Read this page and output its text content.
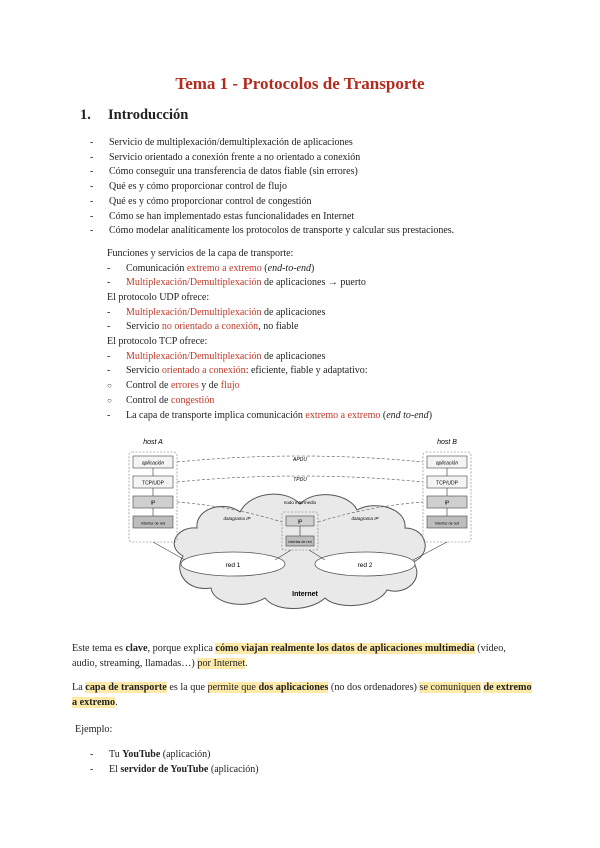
Tema 1 - Protocolos de Transporte
1. Introducción
- Servicio de multiplexación/demultiplexación de aplicaciones
- Servicio orientado a conexión frente a no orientado a conexión
- Cómo conseguir una transferencia de datos fiable (sin errores)
- Qué es y cómo proporcionar control de flujo
- Qué es y cómo proporcionar control de congestión
- Cómo se han implementado estas funcionalidades en Internet
- Cómo modelar analíticamente los protocolos de transporte y calcular sus prestaciones.
Funciones y servicios de la capa de transporte:
- Comunicación extremo a extremo (end-to-end)
- Multiplexación/Demultiplexación de aplicaciones → puerto
El protocolo UDP ofrece:
- Multiplexación/Demultiplexación de aplicaciones
- Servicio no orientado a conexión, no fiable
El protocolo TCP ofrece:
- Multiplexación/Demultiplexación de aplicaciones
- Servicio orientado a conexión: eficiente, fiable y adaptativo:
○ Control de errores y de flujo
○ Control de congestión
- La capa de transporte implica comunicación extremo a extremo (end to-end)
red 1	red 2
Internet
host A	host B
aplicación
TCP/UDP
IP
Interfaz de red
aplicación
TCP/UDP
IP
Interfaz de red
APDU
TPDU
nodo intermedio
IP
Interfaz de red
datagrama IP	datagrama IP
Este tema es clave, porque explica cómo viajan realmente los datos de aplicaciones multimedia (vídeo, audio, streaming, llamadas…) por Internet.
La capa de transporte es la que permite que dos aplicaciones (no dos ordenadores) se comuniquen de extremo a extremo.
Ejemplo:
- Tu YouTube (aplicación)
- El servidor de YouTube (aplicación)
